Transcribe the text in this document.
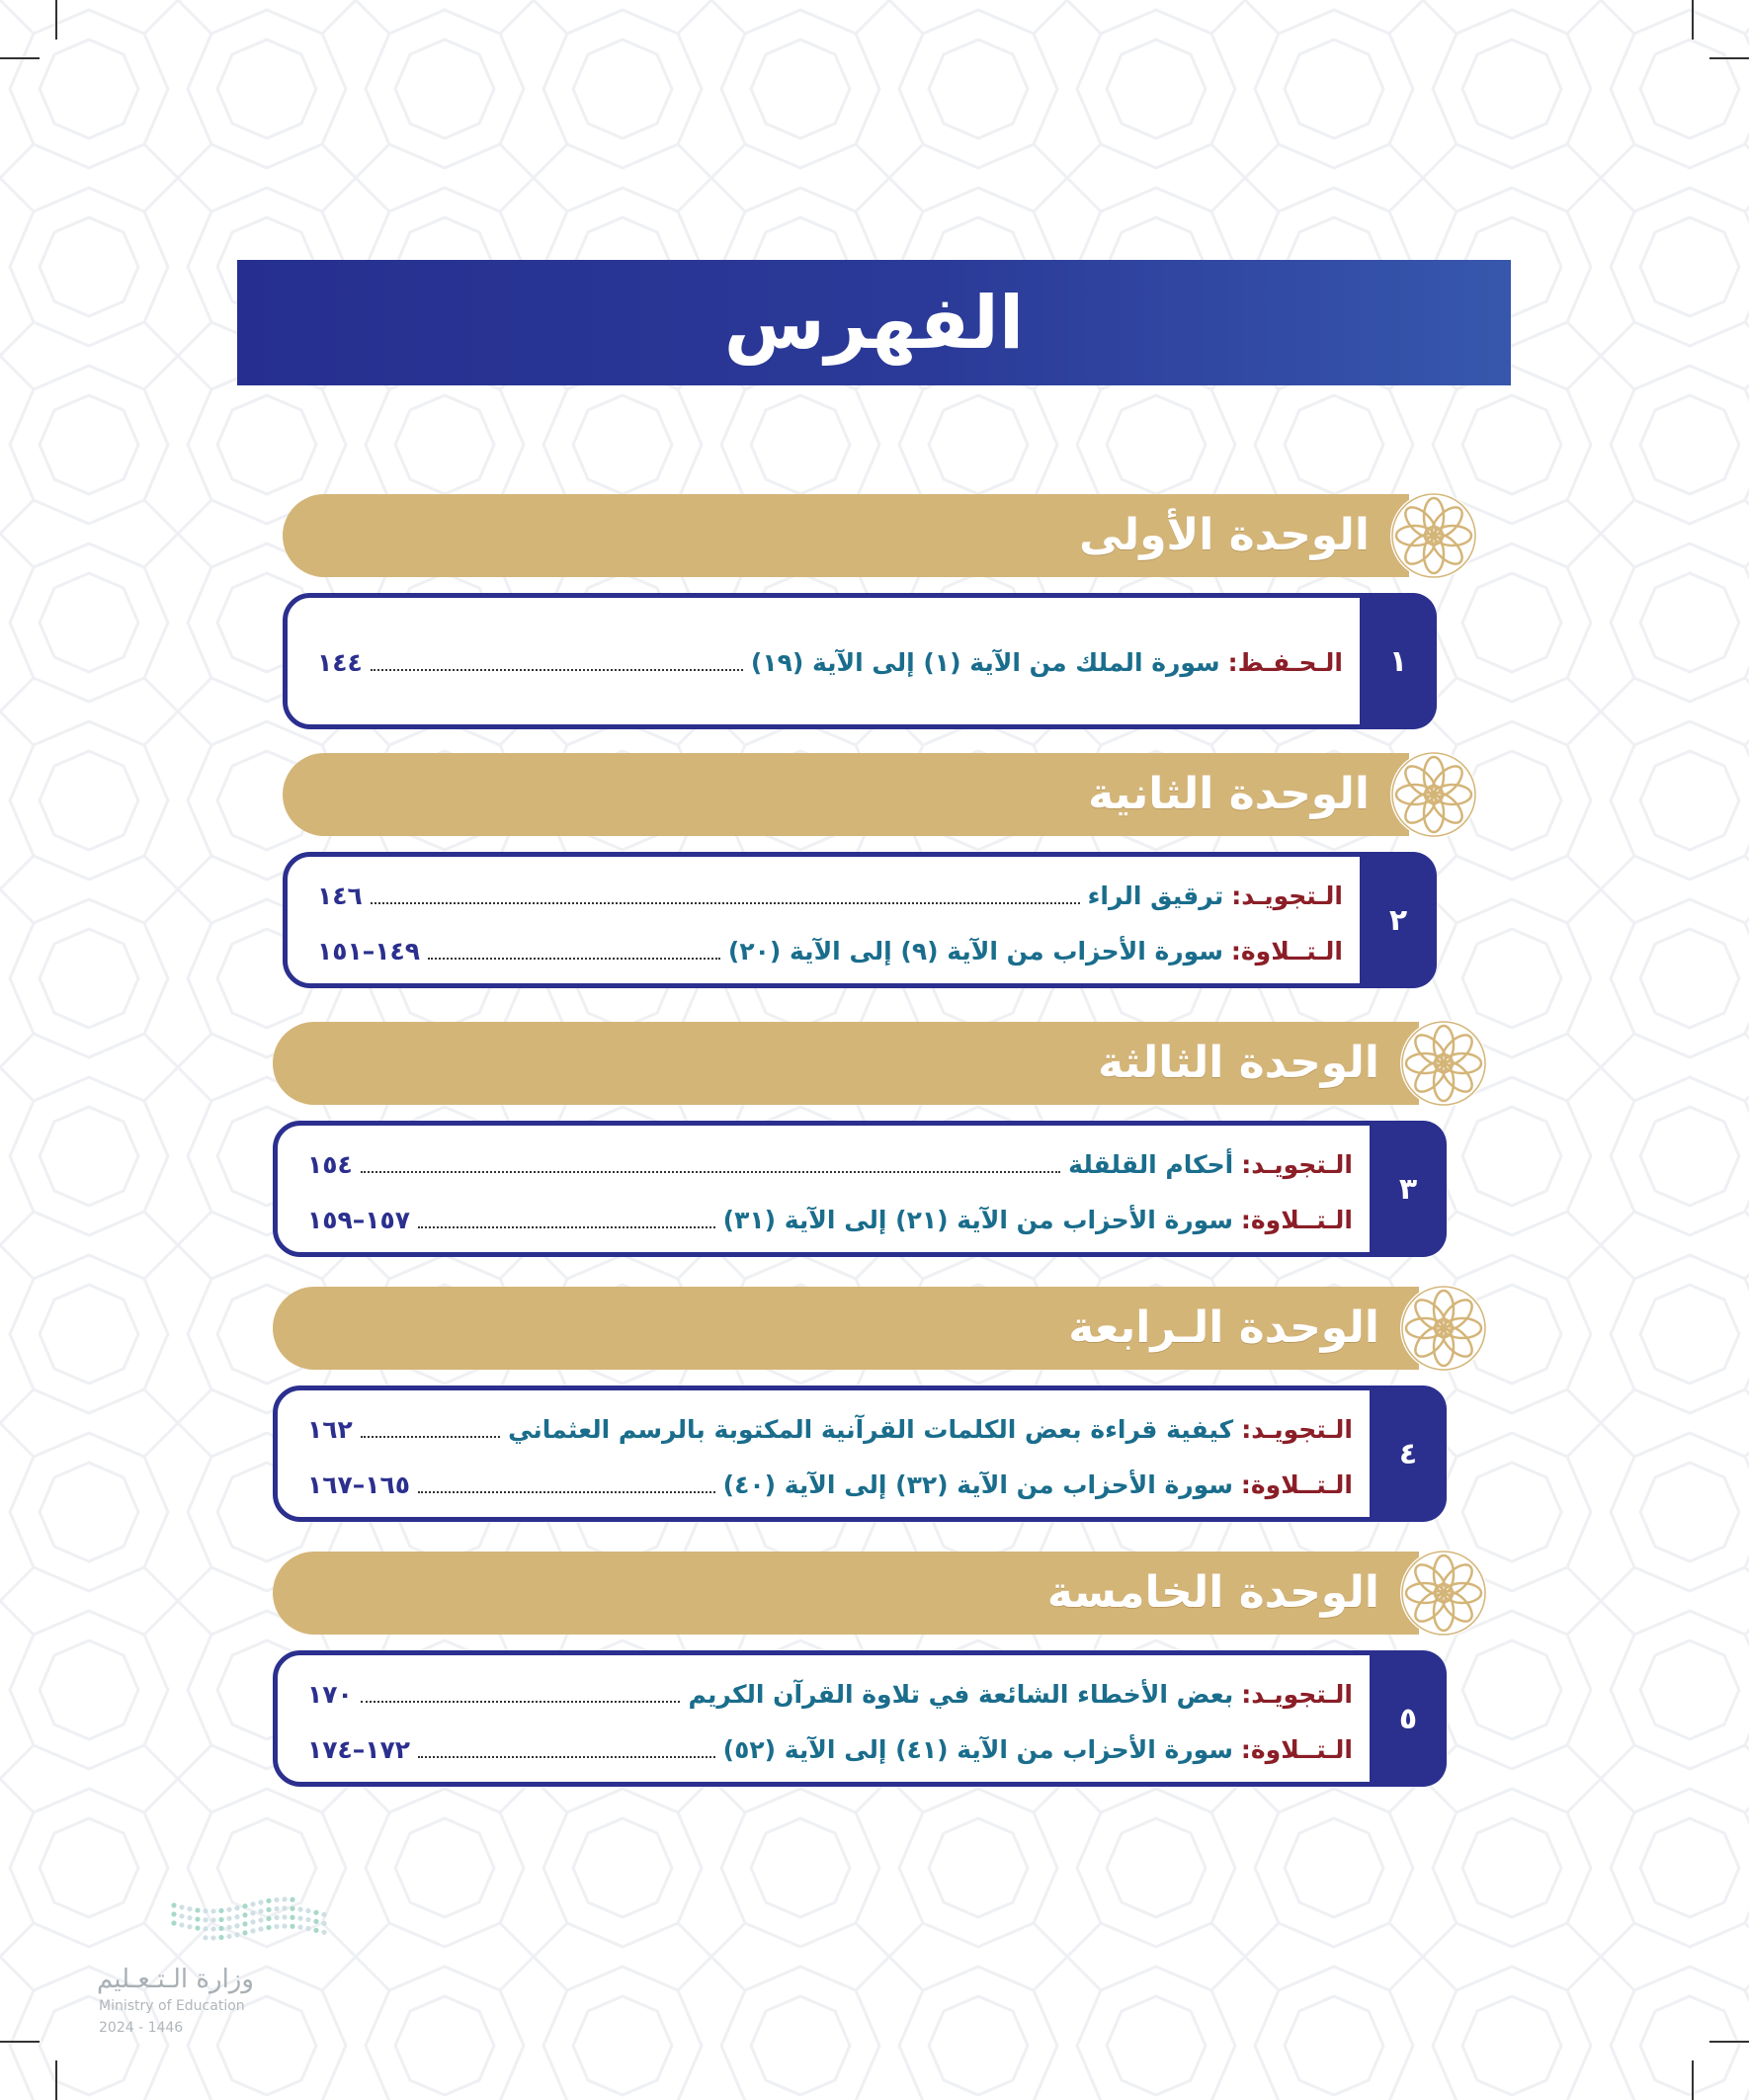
الفهرس
الوحدة الأولى
١
الـحـفـظ
:
سورة الملك من الآية (١) إلى الآية (١٩)
١٤٤
الوحدة الثانية
٢
الـتجويـد
:
ترقيق الراء
١٤٦
الـتــلاوة
:
سورة الأحزاب من الآية (٩) إلى الآية (٢٠)
١٤٩–١٥١
الوحدة الثالثة
٣
الـتجويـد
:
أحكام القلقلة
١٥٤
الـتــلاوة
:
سورة الأحزاب من الآية (٢١) إلى الآية (٣١)
١٥٧–١٥٩
الوحدة الـرابعة
٤
الـتجويـد
:
كيفية قراءة بعض الكلمات القرآنية المكتوبة بالرسم العثماني
١٦٢
الـتــلاوة
:
سورة الأحزاب من الآية (٣٢) إلى الآية (٤٠)
١٦٥–١٦٧
الوحدة الخامسة
٥
الـتجويـد
:
بعض الأخطاء الشائعة في تلاوة القرآن الكريم
١٧٠
الـتــلاوة
:
سورة الأحزاب من الآية (٤١) إلى الآية (٥٢)
١٧٢–١٧٤
وزارة الـتـعـليم
Ministry of Education
2024 - 1446
